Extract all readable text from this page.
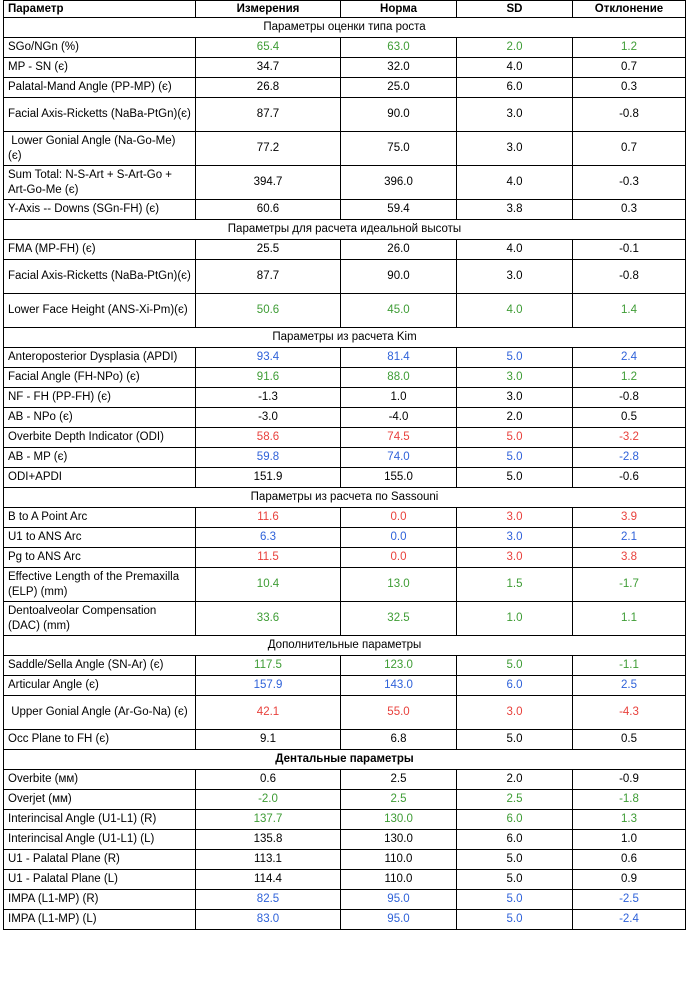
Параметр	Измерения	Норма	SD	Отклонение
Параметры оценки типа роста				
SGo/NGn (%)	65.4	63.0	2.0	1.2
MP - SN (є)	34.7	32.0	4.0	0.7
Palatal-Mand Angle (PP-MP) (є)	26.8	25.0	6.0	0.3
Facial Axis-Ricketts (NaBa-PtGn)(є)	87.7	90.0	3.0	-0.8
Lower Gonial Angle (Na-Go-Me) (є)	77.2	75.0	3.0	0.7
Sum Total: N-S-Art + S-Art-Go + Art-Go-Me (є)	394.7	396.0	4.0	-0.3
Y-Axis -- Downs (SGn-FH) (є)	60.6	59.4	3.8	0.3
Параметры для расчета идеальной высоты				
FMA (MP-FH) (є)	25.5	26.0	4.0	-0.1
Facial Axis-Ricketts (NaBa-PtGn)(є)	87.7	90.0	3.0	-0.8
Lower Face Height (ANS-Xi-Pm)(є)	50.6	45.0	4.0	1.4
Параметры из расчета Kim				
Anteroposterior Dysplasia (APDI)	93.4	81.4	5.0	2.4
Facial Angle (FH-NPo) (є)	91.6	88.0	3.0	1.2
NF - FH (PP-FH) (є)	-1.3	1.0	3.0	-0.8
AB - NPo (є)	-3.0	-4.0	2.0	0.5
Overbite Depth Indicator (ODI)	58.6	74.5	5.0	-3.2
AB - MP (є)	59.8	74.0	5.0	-2.8
ODI+APDI	151.9	155.0	5.0	-0.6
Параметры из расчета по Sassouni				
B to A Point Arc	11.6	0.0	3.0	3.9
U1 to ANS Arc	6.3	0.0	3.0	2.1
Pg to ANS Arc	11.5	0.0	3.0	3.8
Effective Length of the Premaxilla (ELP) (mm)	10.4	13.0	1.5	-1.7
Dentoalveolar Compensation (DAC) (mm)	33.6	32.5	1.0	1.1
Дополнительные параметры				
Saddle/Sella Angle (SN-Ar) (є)	117.5	123.0	5.0	-1.1
Articular Angle (є)	157.9	143.0	6.0	2.5
Upper Gonial Angle (Ar-Go-Na) (є)	42.1	55.0	3.0	-4.3
Occ Plane to FH (є)	9.1	6.8	5.0	0.5
Дентальные параметры				
Overbite (мм)	0.6	2.5	2.0	-0.9
Overjet (мм)	-2.0	2.5	2.5	-1.8
Interincisal Angle (U1-L1) (R)	137.7	130.0	6.0	1.3
Interincisal Angle (U1-L1) (L)	135.8	130.0	6.0	1.0
U1 - Palatal Plane (R)	113.1	110.0	5.0	0.6
U1 - Palatal Plane (L)	114.4	110.0	5.0	0.9
IMPA (L1-MP) (R)	82.5	95.0	5.0	-2.5
IMPA (L1-MP) (L)	83.0	95.0	5.0	-2.4
